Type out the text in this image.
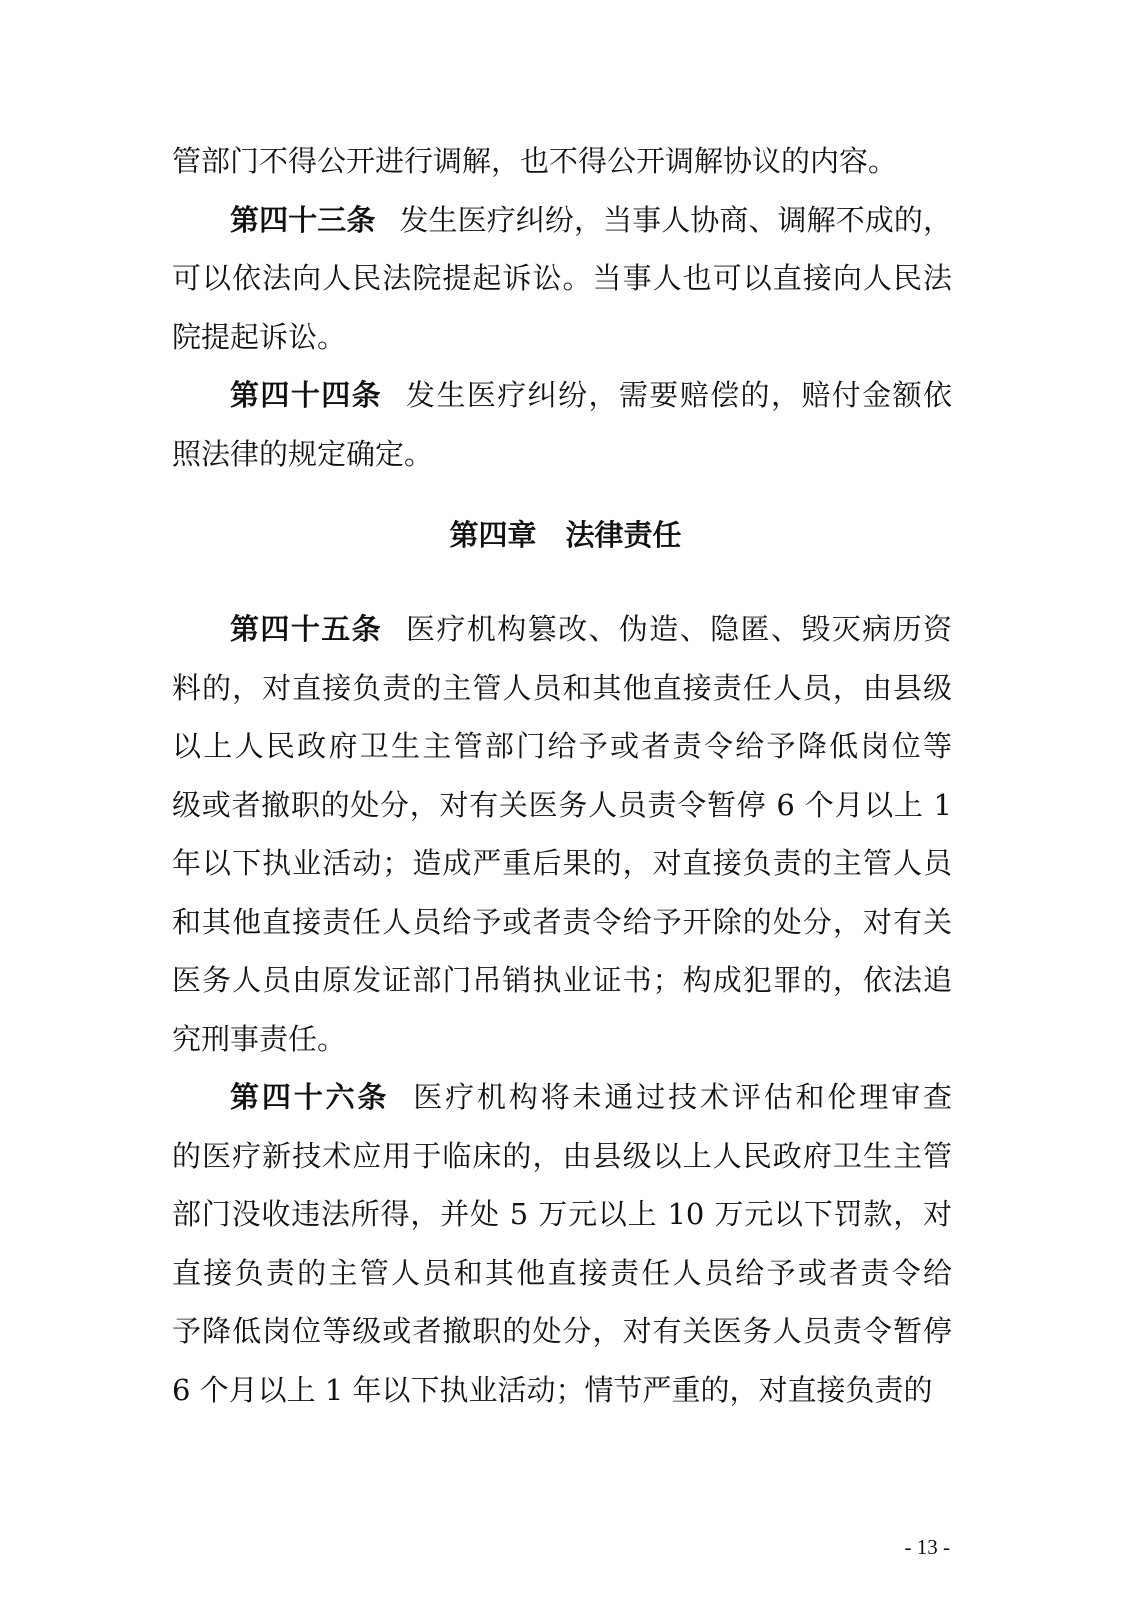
管部门不得公开进行调解，也不得公开调解协议的内容。
第四十三条 发生医疗纠纷，当事人协商、调解不成的，
可以依法向人民法院提起诉讼。当事人也可以直接向人民法
院提起诉讼。
第四十四条 发生医疗纠纷，需要赔偿的，赔付金额依
照法律的规定确定。
第四章　法律责任
第四十五条 医疗机构篡改、伪造、隐匿、毁灭病历资
料的，对直接负责的主管人员和其他直接责任人员，由县级
以上人民政府卫生主管部门给予或者责令给予降低岗位等
级或者撤职的处分，对有关医务人员责令暂停 6 个月以上 1
年以下执业活动；造成严重后果的，对直接负责的主管人员
和其他直接责任人员给予或者责令给予开除的处分，对有关
医务人员由原发证部门吊销执业证书；构成犯罪的，依法追
究刑事责任。
第四十六条 医疗机构将未通过技术评估和伦理审查
的医疗新技术应用于临床的，由县级以上人民政府卫生主管
部门没收违法所得，并处 5 万元以上 10 万元以下罚款，对
直接负责的主管人员和其他直接责任人员给予或者责令给
予降低岗位等级或者撤职的处分，对有关医务人员责令暂停
6 个月以上 1 年以下执业活动；情节严重的，对直接负责的
- 13 -
